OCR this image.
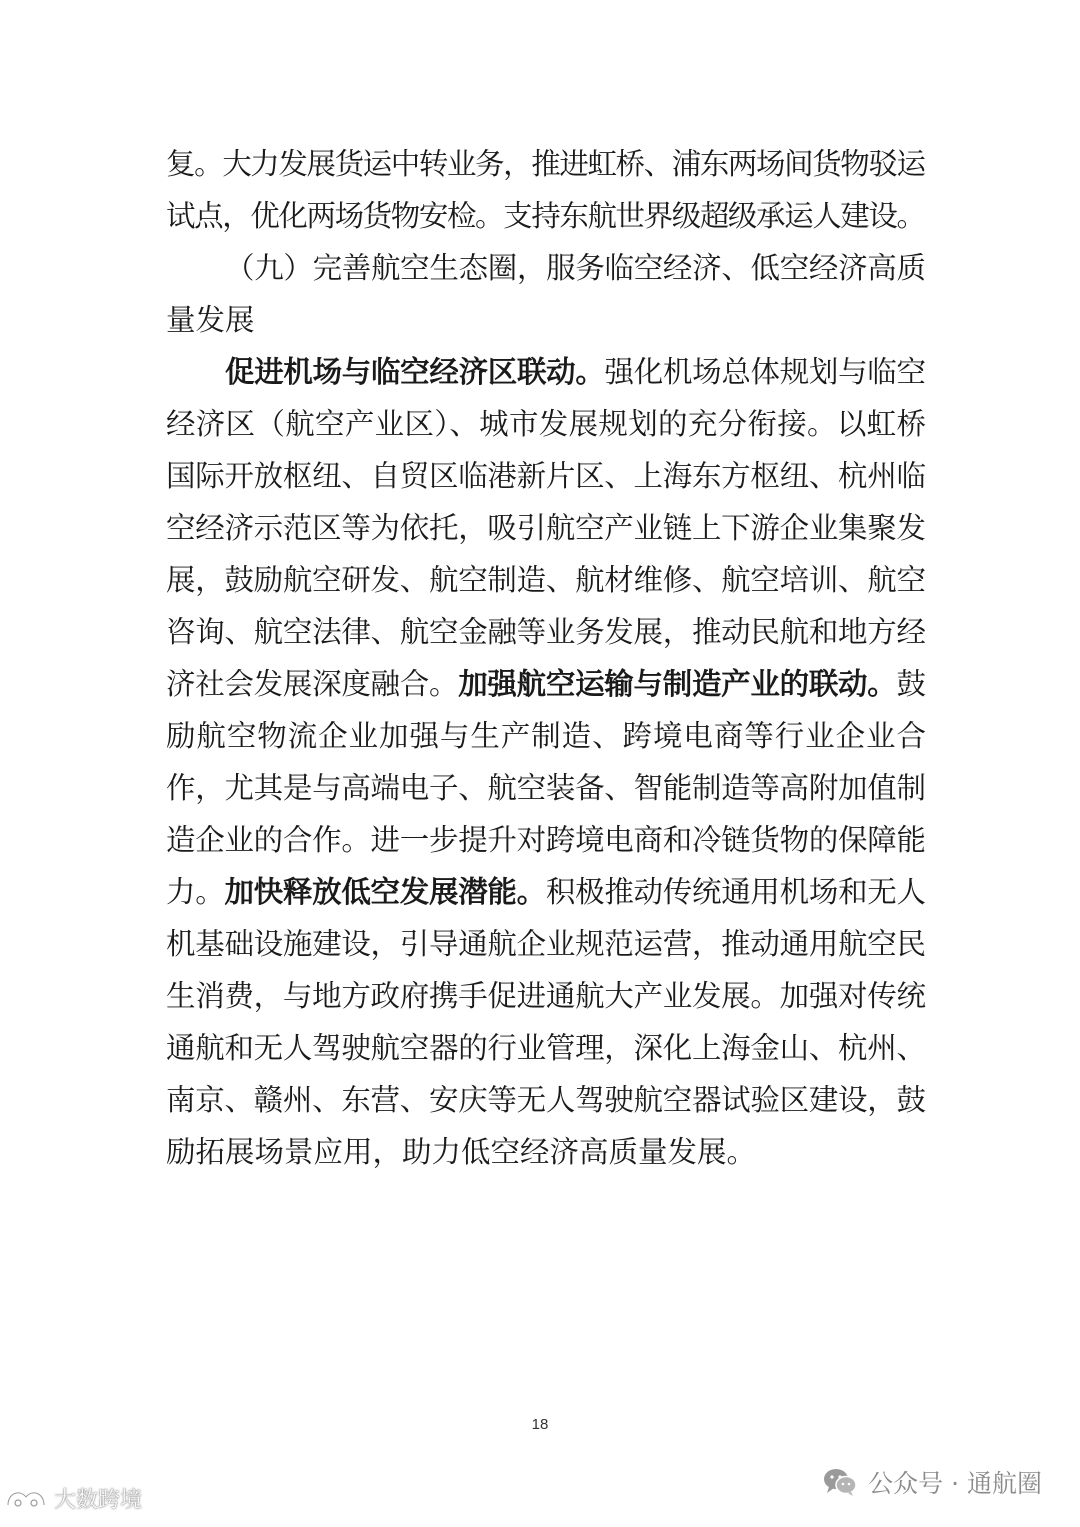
复。大力发展货运中转业务，推进虹桥、浦东两场间货物驳运
试点，优化两场货物安检。支持东航世界级超级承运人建设。
（九）完善航空生态圈，服务临空经济、低空经济高质
量发展
促进机场与临空经济区联动。强化机场总体规划与临空
经济区（航空产业区）、城市发展规划的充分衔接。以虹桥
国际开放枢纽、自贸区临港新片区、上海东方枢纽、杭州临
空经济示范区等为依托，吸引航空产业链上下游企业集聚发
展，鼓励航空研发、航空制造、航材维修、航空培训、航空
咨询、航空法律、航空金融等业务发展，推动民航和地方经
济社会发展深度融合。加强航空运输与制造产业的联动。鼓
励航空物流企业加强与生产制造、跨境电商等行业企业合
作，尤其是与高端电子、航空装备、智能制造等高附加值制
造企业的合作。进一步提升对跨境电商和冷链货物的保障能
力。加快释放低空发展潜能。积极推动传统通用机场和无人
机基础设施建设，引导通航企业规范运营，推动通用航空民
生消费，与地方政府携手促进通航大产业发展。加强对传统
通航和无人驾驶航空器的行业管理，深化上海金山、杭州、
南京、赣州、东营、安庆等无人驾驶航空器试验区建设，鼓
励拓展场景应用，助力低空经济高质量发展。
18
大数跨境
公众号 · 通航圈
